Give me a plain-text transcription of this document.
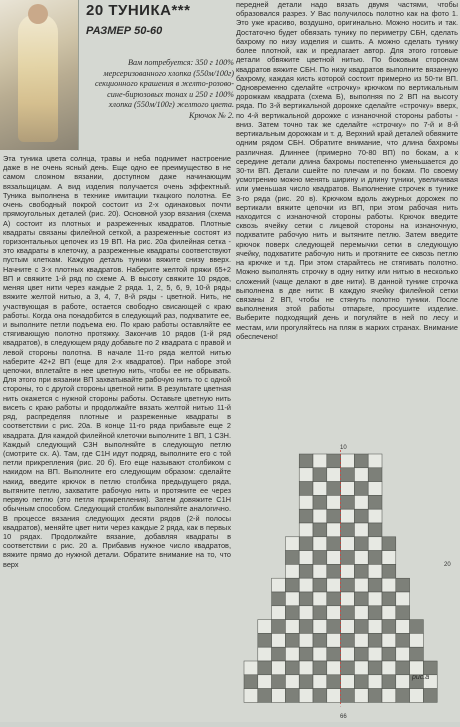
20 ТУНИКА***
РАЗМЕР 50-60

Вам потребуется: 350 г 100% мерсеризованного хлопка (550м/100г) секционного крашения в желто-розово-сине-бирюзовых тонах и 250 г 100% хлопка (550м/100г) желтого цвета. Крючок № 2.

Эта туника цвета солнца, травы и неба поднимет настроение даже в не очень ясный день. Еще одно ее преимущество в не самом сложном вязании, доступном даже начинающим вязальщицам. А вид изделия получается очень эффектный. Туника выполнена в технике имитации ткацкого полотна. Ее очень свободный покрой состоит из 2-х одинаковых почти прямоугольных деталей (рис. 20). Основной узор вязания (схема А) состоит из плотных и разреженных квадратов. Плотные квадраты связаны филейной сеткой, а разреженные состоят из горизонтальных цепочек из 19 ВП. На рис. 20а филейная сетка - это квадраты в клеточку, а разреженные квадраты соответствуют пустым клеткам. Каждую деталь туники вяжите снизу вверх. Начните с 3-х плотных квадратов. Наберите желтой пряжи 65+2 ВП и свяжите 1-й ряд по схеме А. В высоту свяжите 10 рядов, меняя цвет нити через каждые 2 ряда. 1, 2, 5, 6, 9, 10-й ряды вяжите желтой нитью, а 3, 4, 7, 8-й ряды - цветной. Нить, не участвующая в работе, остается свободно свисающей с краю работы. Когда она понадобится в следующий раз, подхватите ее, и выполните петли подъема ею. По краю работы оставляйте ее стягивающую полотно протяжку. Закончив 10 рядов (1-й ряд квадратов), в следующем ряду добавьте по 2 квадрата с правой и левой стороны полотна. В начале 11-го ряда желтой нитью наберите 42+2 ВП (еще для 2-х квадратов). При наборе этой цепочки, вплетайте в нее цветную нить, чтобы ее не обрывать. Для этого при вязании ВП захватывайте рабочую нить то с одной стороны, то с другой стороны цветной нити. В результате цветная нить окажется с нужной стороны работы. Оставьте цветную нить висеть с краю работы и продолжайте вязать желтой нитью 11-й ряд, распределяя плотные и разреженные квадраты в соответствии с рис. 20а. В конце 11-го ряда прибавьте еще 2 квадрата. Для каждой филейной клеточки выполните 1 ВП, 1 С3Н. Каждый следующий С3Н выполняйте в следующую петлю (смотрите сх. А). Там, где С1Н идут подряд, выполните его с той петли прикрепления (рис. 20 б). Его еще называют столбиком с накидом на ВП. Выполните его следующим образом: сделайте накид, введите крючок в петлю столбика предыдущего ряда, вытяните петлю, захватите рабочую нить и протяните ее через первую петлю (это петля прикрепления). Затем довяжите С1Н обычным способом. Следующий столбик выполняйте аналогично. В процессе вязания следующих десяти рядов (2-й полосы квадратов), меняйте цвет нити через каждые 2 ряда, как в первых 10 рядах. Продолжайте вязание, добавляя квадраты в соответствии с рис. 20 а. Прибавив нужное число квадратов, вяжите прямо до нужной детали. Обратите внимание на то, что верх

передней детали надо вязать двумя частями, чтобы образовался разрез. У Вас получилось полотно как на фото 1. Это уже красиво, воздушно, оригинально. Можно носить и так. Достаточно будет обвязать тунику по периметру СБН, сделать бахрому по низу изделия и сшить. А можно сделать тунику более плотной, как и предлагает автор. Для этого готовые детали обвяжите цветной нитью. По боковым сторонам квадратов вяжите СБН. По низу квадратов выполните вязанную бахрому, каждая кисть которой состоит примерно из 50-ти ВП. Одновременно сделайте «строчку» крючком по вертикальным дорожкам квадрата (схема Б), выполняя по 2 ВП на высоту ряда. По 3-й вертикальной дорожке сделайте «строчку» вверх, по 4-й вертикальной дорожке с изнаночной стороны работы - вниз. Затем точно так же сделайте «строчку» по 7-й и 8-й вертикальным дорожкам и т. д. Верхний край деталей обвяжите одним рядом СБН. Обратите внимание, что длина бахромы различная. Длиннее (примерно 70-80 ВП) по бокам, а к середине детали длина бахромы постепенно уменьшается до 30-ти ВП. Детали сшейте по плечам и по бокам. По своему усмотрению можно менять ширину и длину туники, увеличивая или уменьшая число квадратов. Выполнение строчек в тунике 3-го ряда (рис. 20 в). Крючком вдоль ажурных дорожек по вертикали вяжите цепочки из ВП, при этом рабочая нить находится с изнаночной стороны работы. Крючок введите сквозь ячейку сетки с лицевой стороны на изнаночную, подхватите рабочую нить и вытяните петлю. Затем введите крючок поверх следующей перемычки сетки в следующую ячейку, подхватите рабочую нить и протяните ее сквозь петлю на крючке и т.д. При этом старайтесь не стягивать полотно. Можно выполнять строчку в одну нитку или нитью в несколько сложений (чаще делают в две нити). В данной тунике строчка выполнена в две нити: В каждую ячейку филейной сетки связаны 2 ВП, чтобы не стянуть полотно туники. После выполнения этой работы отпарьте, просушите изделие. Выберите подходящий день и погуляйте в ней по лесу и местам, или прогуляйтесь на пляж в жарких странах. Внимание обеспечено!

10
20
66
рис.а
